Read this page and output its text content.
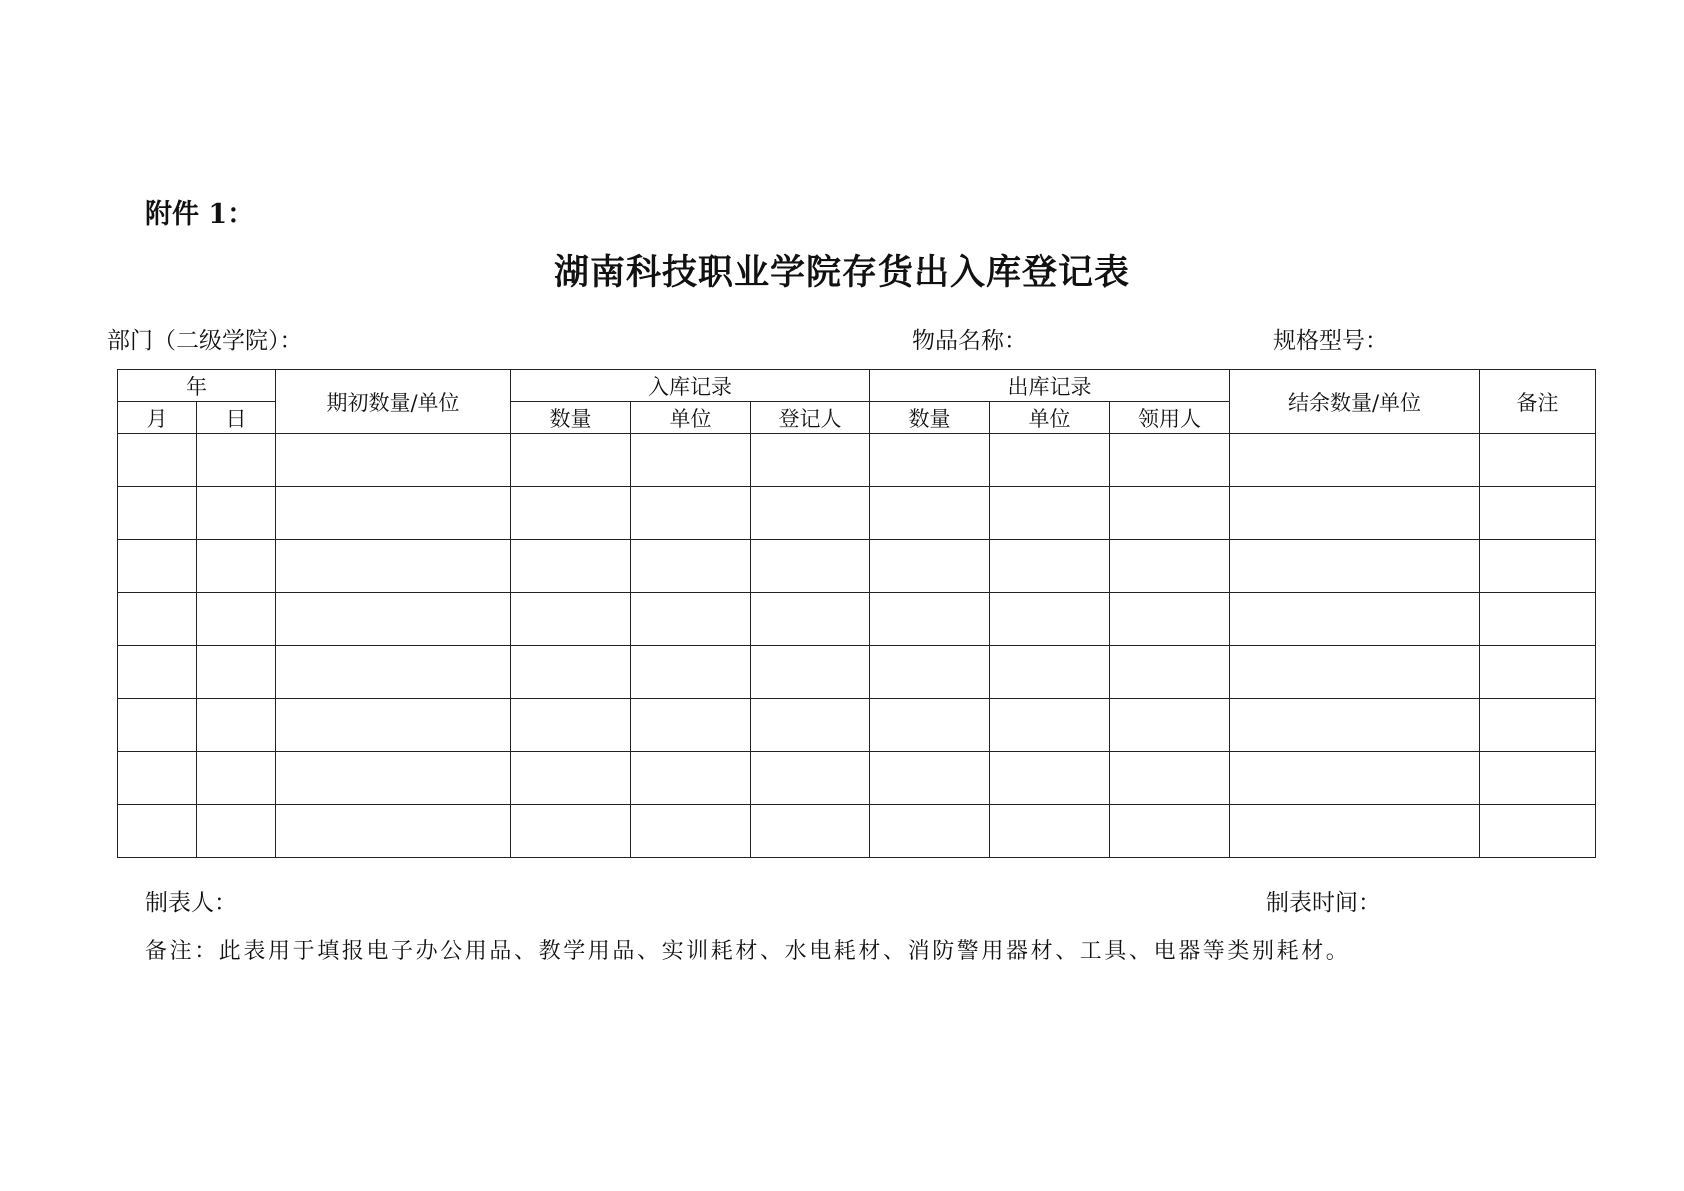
附件 1：
湖南科技职业学院存货出入库登记表
部门（二级学院）：	物品名称：	规格型号：
年		期初数量/单位	入库记录			出库记录			结余数量/单位	备注
月	日		数量	单位	登记人	数量	单位	领用人		

制表人：	制表时间：
备注：此表用于填报电子办公用品、教学用品、实训耗材、水电耗材、消防警用器材、工具、电器等类别耗材。
